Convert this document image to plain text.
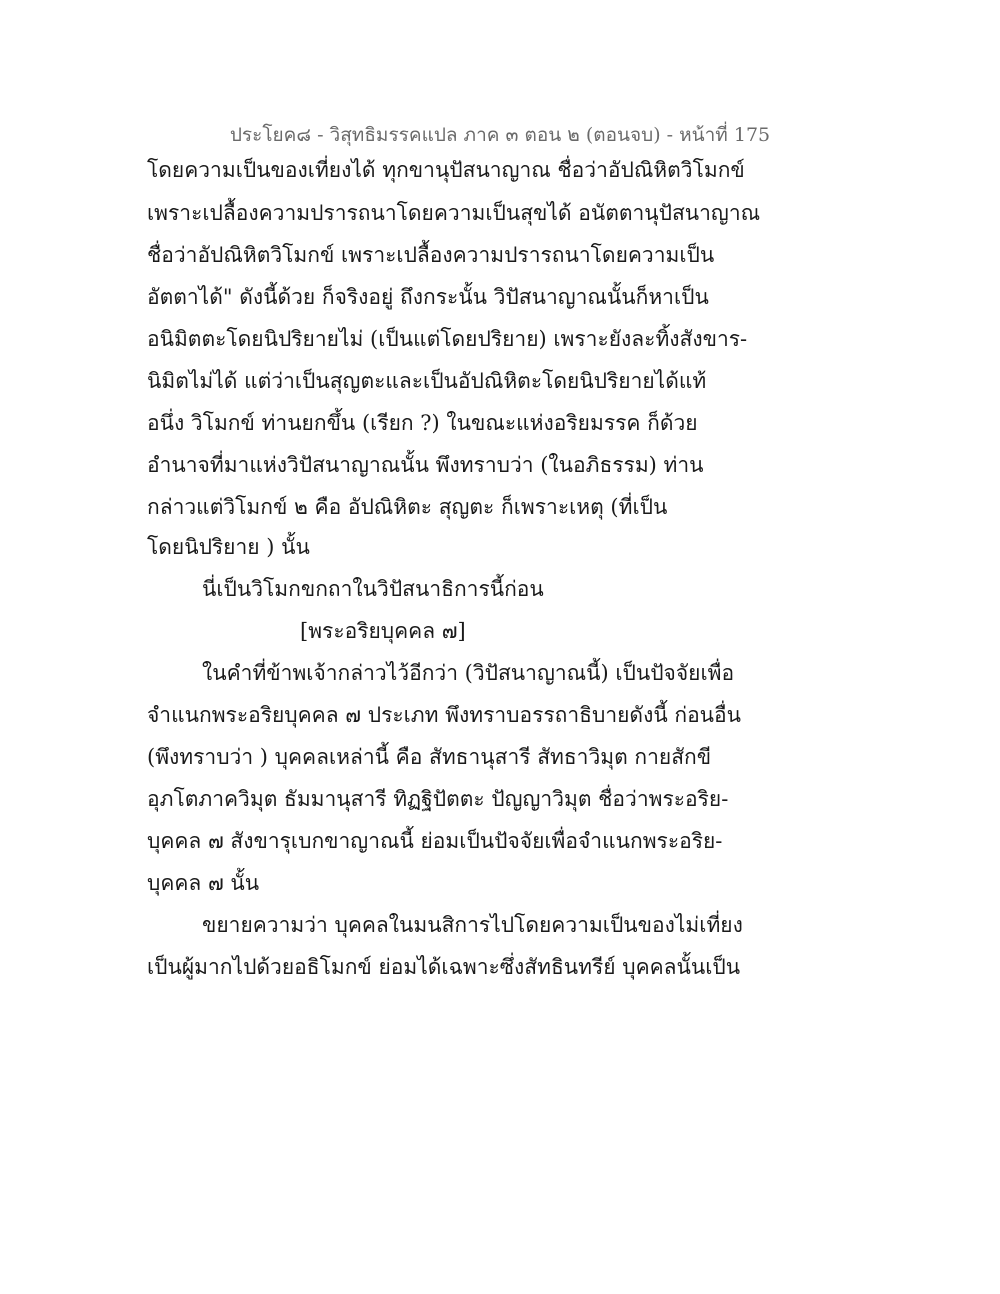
ประโยค๘ - วิสุทธิมรรคแปล ภาค ๓ ตอน ๒ (ตอนจบ) - หน้าที่ 175
โดยความเป็นของเที่ยงได้ ทุกขานุปัสนาญาณ ชื่อว่าอัปณิหิตวิโมกข์
เพราะเปลื้องความปรารถนาโดยความเป็นสุขได้ อนัตตานุปัสนาญาณ
ชื่อว่าอัปณิหิตวิโมกข์ เพราะเปลื้องความปรารถนาโดยความเป็น
อัตตาได้" ดังนี้ด้วย ก็จริงอยู่ ถึงกระนั้น วิปัสนาญาณนั้นก็หาเป็น
อนิมิตตะโดยนิปริยายไม่ (เป็นแต่โดยปริยาย) เพราะยังละทิ้งสังขาร-
นิมิตไม่ได้ แต่ว่าเป็นสุญตะและเป็นอัปณิหิตะโดยนิปริยายได้แท้
อนึ่ง วิโมกข์ ท่านยกขึ้น (เรียก ?) ในขณะแห่งอริยมรรค ก็ด้วย
อำนาจที่มาแห่งวิปัสนาญาณนั้น พึงทราบว่า (ในอภิธรรม) ท่าน
กล่าวแต่วิโมกข์ ๒ คือ อัปณิหิตะ สุญตะ ก็เพราะเหตุ (ที่เป็น
โดยนิปริยาย ) นั้น
นี่เป็นวิโมกขกถาในวิปัสนาธิการนี้ก่อน
[พระอริยบุคคล ๗]
ในคำที่ข้าพเจ้ากล่าวไว้อีกว่า (วิปัสนาญาณนี้) เป็นปัจจัยเพื่อ
จำแนกพระอริยบุคคล ๗ ประเภท พึงทราบอรรถาธิบายดังนี้ ก่อนอื่น
(พึงทราบว่า ) บุคคลเหล่านี้ คือ สัทธานุสารี สัทธาวิมุต กายสักขี
อุภโตภาควิมุต ธัมมานุสารี ทิฏฐิปัตตะ ปัญญาวิมุต ชื่อว่าพระอริย-
บุคคล ๗ สังขารุเบกขาญาณนี้ ย่อมเป็นปัจจัยเพื่อจำแนกพระอริย-
บุคคล ๗ นั้น
ขยายความว่า บุคคลในมนสิการไปโดยความเป็นของไม่เที่ยง
เป็นผู้มากไปด้วยอธิโมกข์ ย่อมได้เฉพาะซึ่งสัทธินทรีย์ บุคคลนั้นเป็น
